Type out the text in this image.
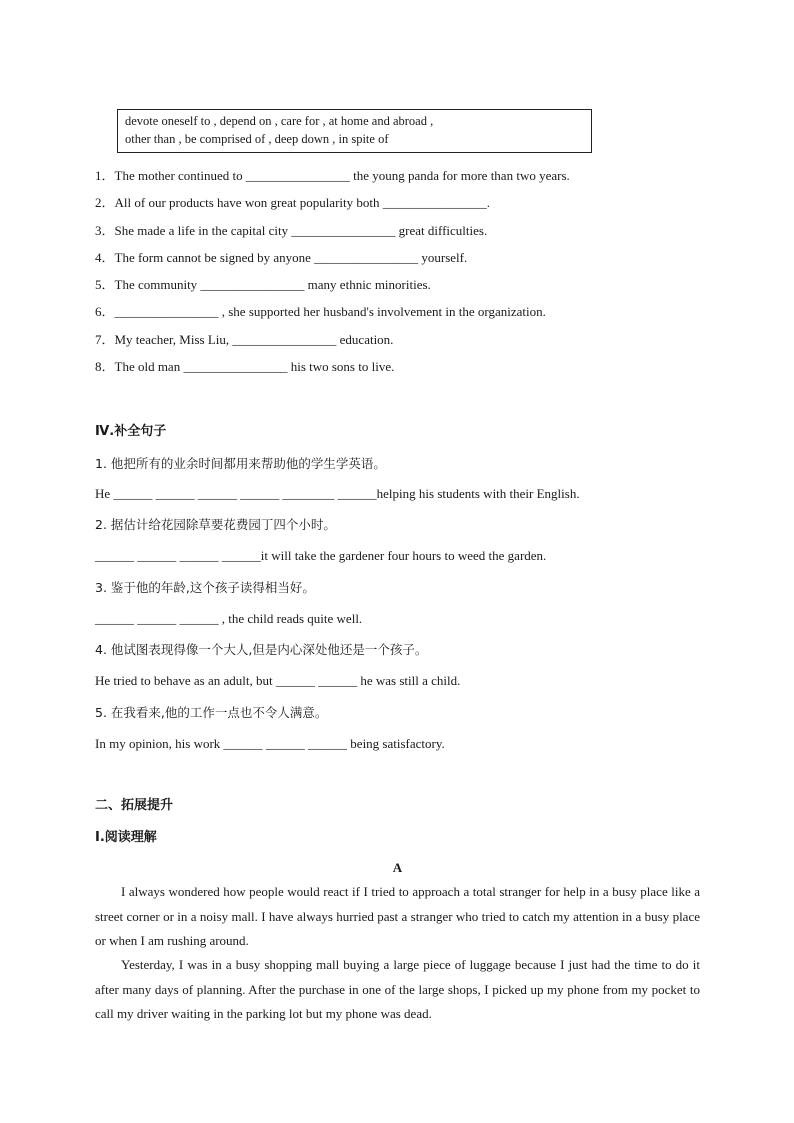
devote oneself to , depend on , care for , at home and abroad ,
other than , be comprised of , deep down , in spite of
1．The mother continued to ________________ the young panda for more than two years.
2．All of our products have won great popularity both ________________.
3．She made a life in the capital city ________________ great difficulties.
4．The form cannot be signed by anyone ________________ yourself.
5．The community ________________ many ethnic minorities.
6．________________ , she supported her husband's involvement in the organization.
7．My teacher, Miss Liu, ________________ education.
8．The old man ________________ his two sons to live.
Ⅳ.补全句子
1. 他把所有的业余时间都用来帮助他的学生学英语。
He ______ ______ ______ ______ ________ ______helping his students with their English.
2. 据估计给花园除草要花费园丁四个小时。
______ ______ ______ ______it will take the gardener four hours to weed the garden.
3. 鉴于他的年龄,这个孩子读得相当好。
______ ______ ______ , the child reads quite well.
4. 他试图表现得像一个大人,但是内心深处他还是一个孩子。
He tried to behave as an adult, but ______ ______ he was still a child.
5. 在我看来,他的工作一点也不令人满意。
In my opinion, his work ______ ______ ______ being satisfactory.
二、拓展提升
Ⅰ.阅读理解
A
I always wondered how people would react if I tried to approach a total stranger for help in a busy place like a street corner or in a noisy mall. I have always hurried past a stranger who tried to catch my attention in a busy place or when I am rushing around.
Yesterday, I was in a busy shopping mall buying a large piece of luggage because I just had the time to do it after many days of planning. After the purchase in one of the large shops, I picked up my phone from my pocket to call my driver waiting in the parking lot but my phone was dead.
